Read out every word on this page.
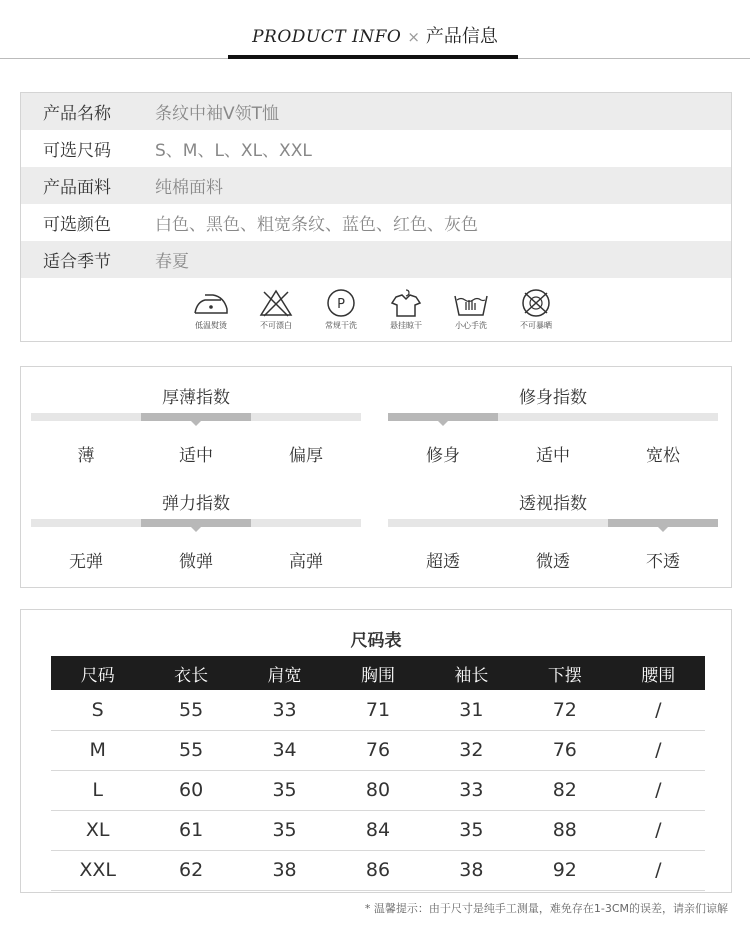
PRODUCT INFO × 产品信息
产品名称	条纹中袖V领T恤
可选尺码	S、M、L、XL、XXL
产品面料	纯棉面料
可选颜色	白色、黑色、粗宽条纹、蓝色、红色、灰色
适合季节	春夏
低温熨烫	不可漂白
P
常规干洗	悬挂晾干	小心手洗	不可暴晒
厚薄指数
薄	适中	偏厚
修身指数
修身	适中	宽松
弹力指数
无弹	微弹	高弹
透视指数
超透	微透	不透
尺码表
尺码	衣长	肩宽	胸围	袖长	下摆	腰围
S	55	33	71	31	72	/
M	55	34	76	32	76	/
L	60	35	80	33	82	/
XL	61	35	84	35	88	/
XXL	62	38	86	38	92	/
* 温馨提示：由于尺寸是纯手工测量，难免存在1-3CM的误差，请亲们谅解
